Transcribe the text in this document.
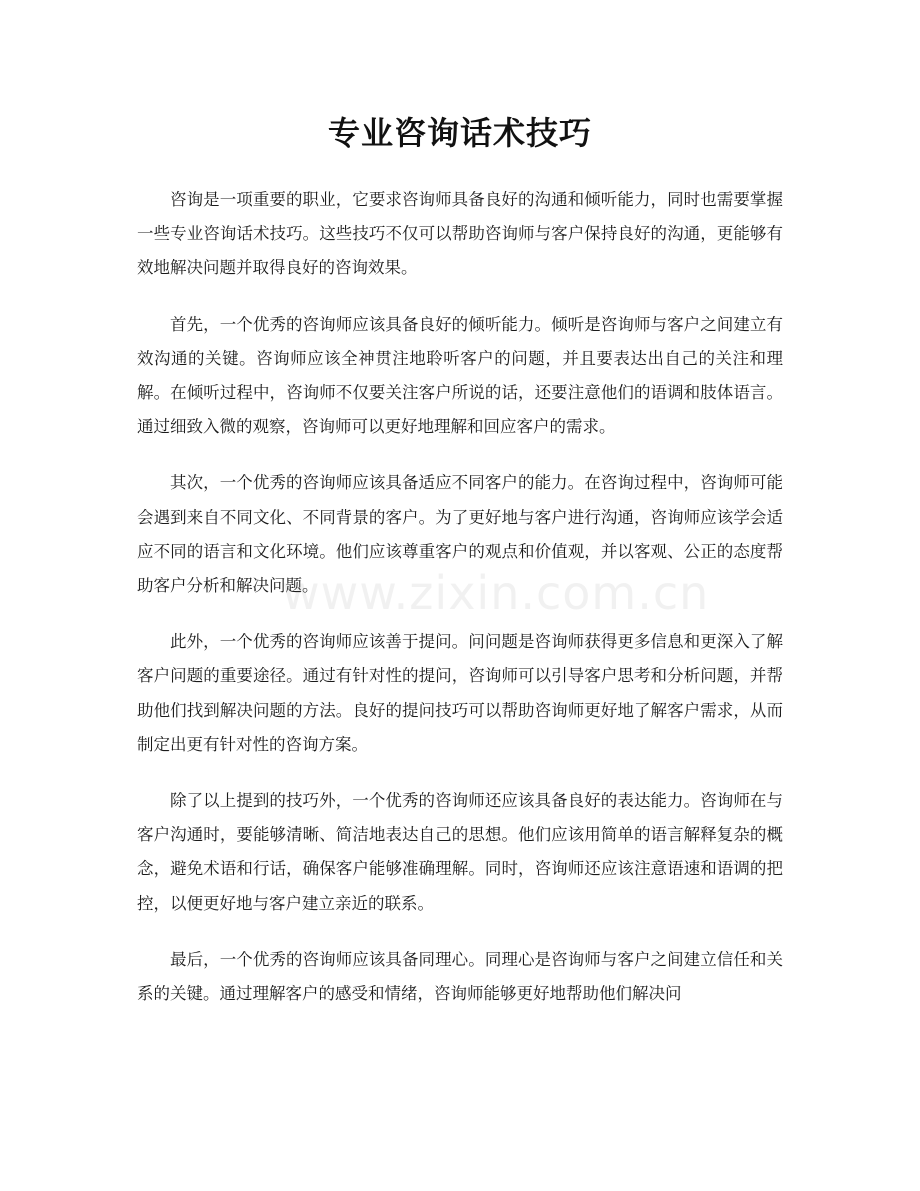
专业咨询话术技巧

咨询是一项重要的职业，它要求咨询师具备良好的沟通和倾听能力，同时也需要掌握一些专业咨询话术技巧。这些技巧不仅可以帮助咨询师与客户保持良好的沟通，更能够有效地解决问题并取得良好的咨询效果。

首先，一个优秀的咨询师应该具备良好的倾听能力。倾听是咨询师与客户之间建立有效沟通的关键。咨询师应该全神贯注地聆听客户的问题，并且要表达出自己的关注和理解。在倾听过程中，咨询师不仅要关注客户所说的话，还要注意他们的语调和肢体语言。通过细致入微的观察，咨询师可以更好地理解和回应客户的需求。

其次，一个优秀的咨询师应该具备适应不同客户的能力。在咨询过程中，咨询师可能会遇到来自不同文化、不同背景的客户。为了更好地与客户进行沟通，咨询师应该学会适应不同的语言和文化环境。他们应该尊重客户的观点和价值观，并以客观、公正的态度帮助客户分析和解决问题。

此外，一个优秀的咨询师应该善于提问。问问题是咨询师获得更多信息和更深入了解客户问题的重要途径。通过有针对性的提问，咨询师可以引导客户思考和分析问题，并帮助他们找到解决问题的方法。良好的提问技巧可以帮助咨询师更好地了解客户需求，从而制定出更有针对性的咨询方案。

除了以上提到的技巧外，一个优秀的咨询师还应该具备良好的表达能力。咨询师在与客户沟通时，要能够清晰、简洁地表达自己的思想。他们应该用简单的语言解释复杂的概念，避免术语和行话，确保客户能够准确理解。同时，咨询师还应该注意语速和语调的把控，以便更好地与客户建立亲近的联系。

最后，一个优秀的咨询师应该具备同理心。同理心是咨询师与客户之间建立信任和关系的关键。通过理解客户的感受和情绪，咨询师能够更好地帮助他们解决问

www.zixin.com.cn
